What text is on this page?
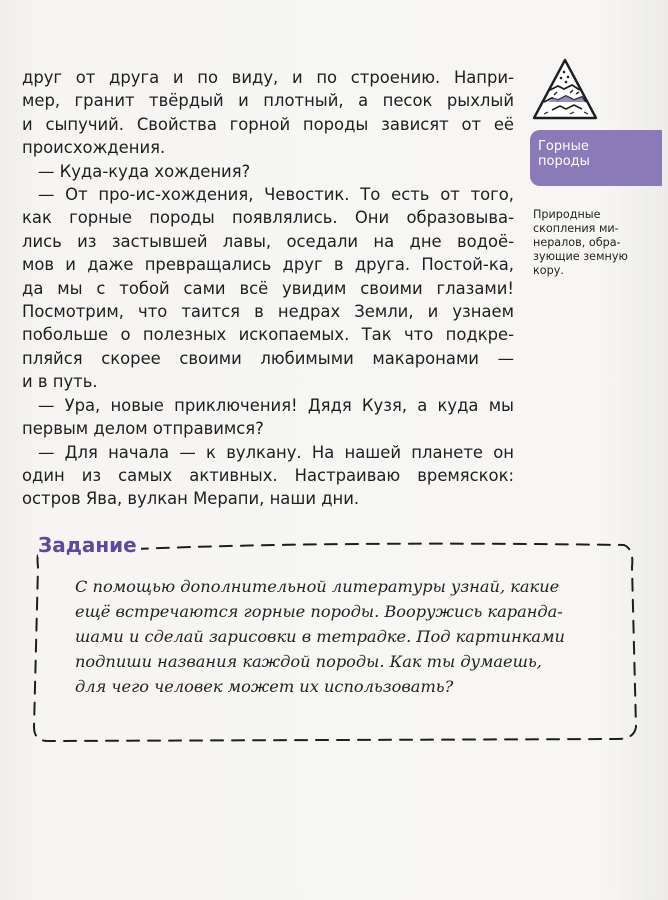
друг от друга и по виду, и по строению. Напри-
мер, гранит твёрдый и плотный, а песок рыхлый
и сыпучий. Свойства горной породы зависят от её
происхождения.
— Куда-куда хождения?
— От про-ис-хождения, Чевостик. То есть от того,
как горные породы появлялись. Они образовыва-
лись из застывшей лавы, оседали на дне водоё-
мов и даже превращались друг в друга. Постой-ка,
да мы с тобой сами всё увидим своими глазами!
Посмотрим, что таится в недрах Земли, и узнаем
побольше о полезных ископаемых. Так что подкре-
пляйся скорее своими любимыми макаронами —
и в путь.
— Ура, новые приключения! Дядя Кузя, а куда мы
первым делом отправимся?
— Для начала — к вулкану. На нашей планете он
один из самых активных. Настраиваю времяскок:
остров Ява, вулкан Мерапи, наши дни.
Горные
породы
Природные
скопления ми-
нералов, обра-
зующие земную
кору.
Задание
С помощью дополнительной литературы узнай, какие
ещё встречаются горные породы. Вооружись каранда-
шами и сделай зарисовки в тетрадке. Под картинками
подпиши названия каждой породы. Как ты думаешь,
для чего человек может их использовать?
